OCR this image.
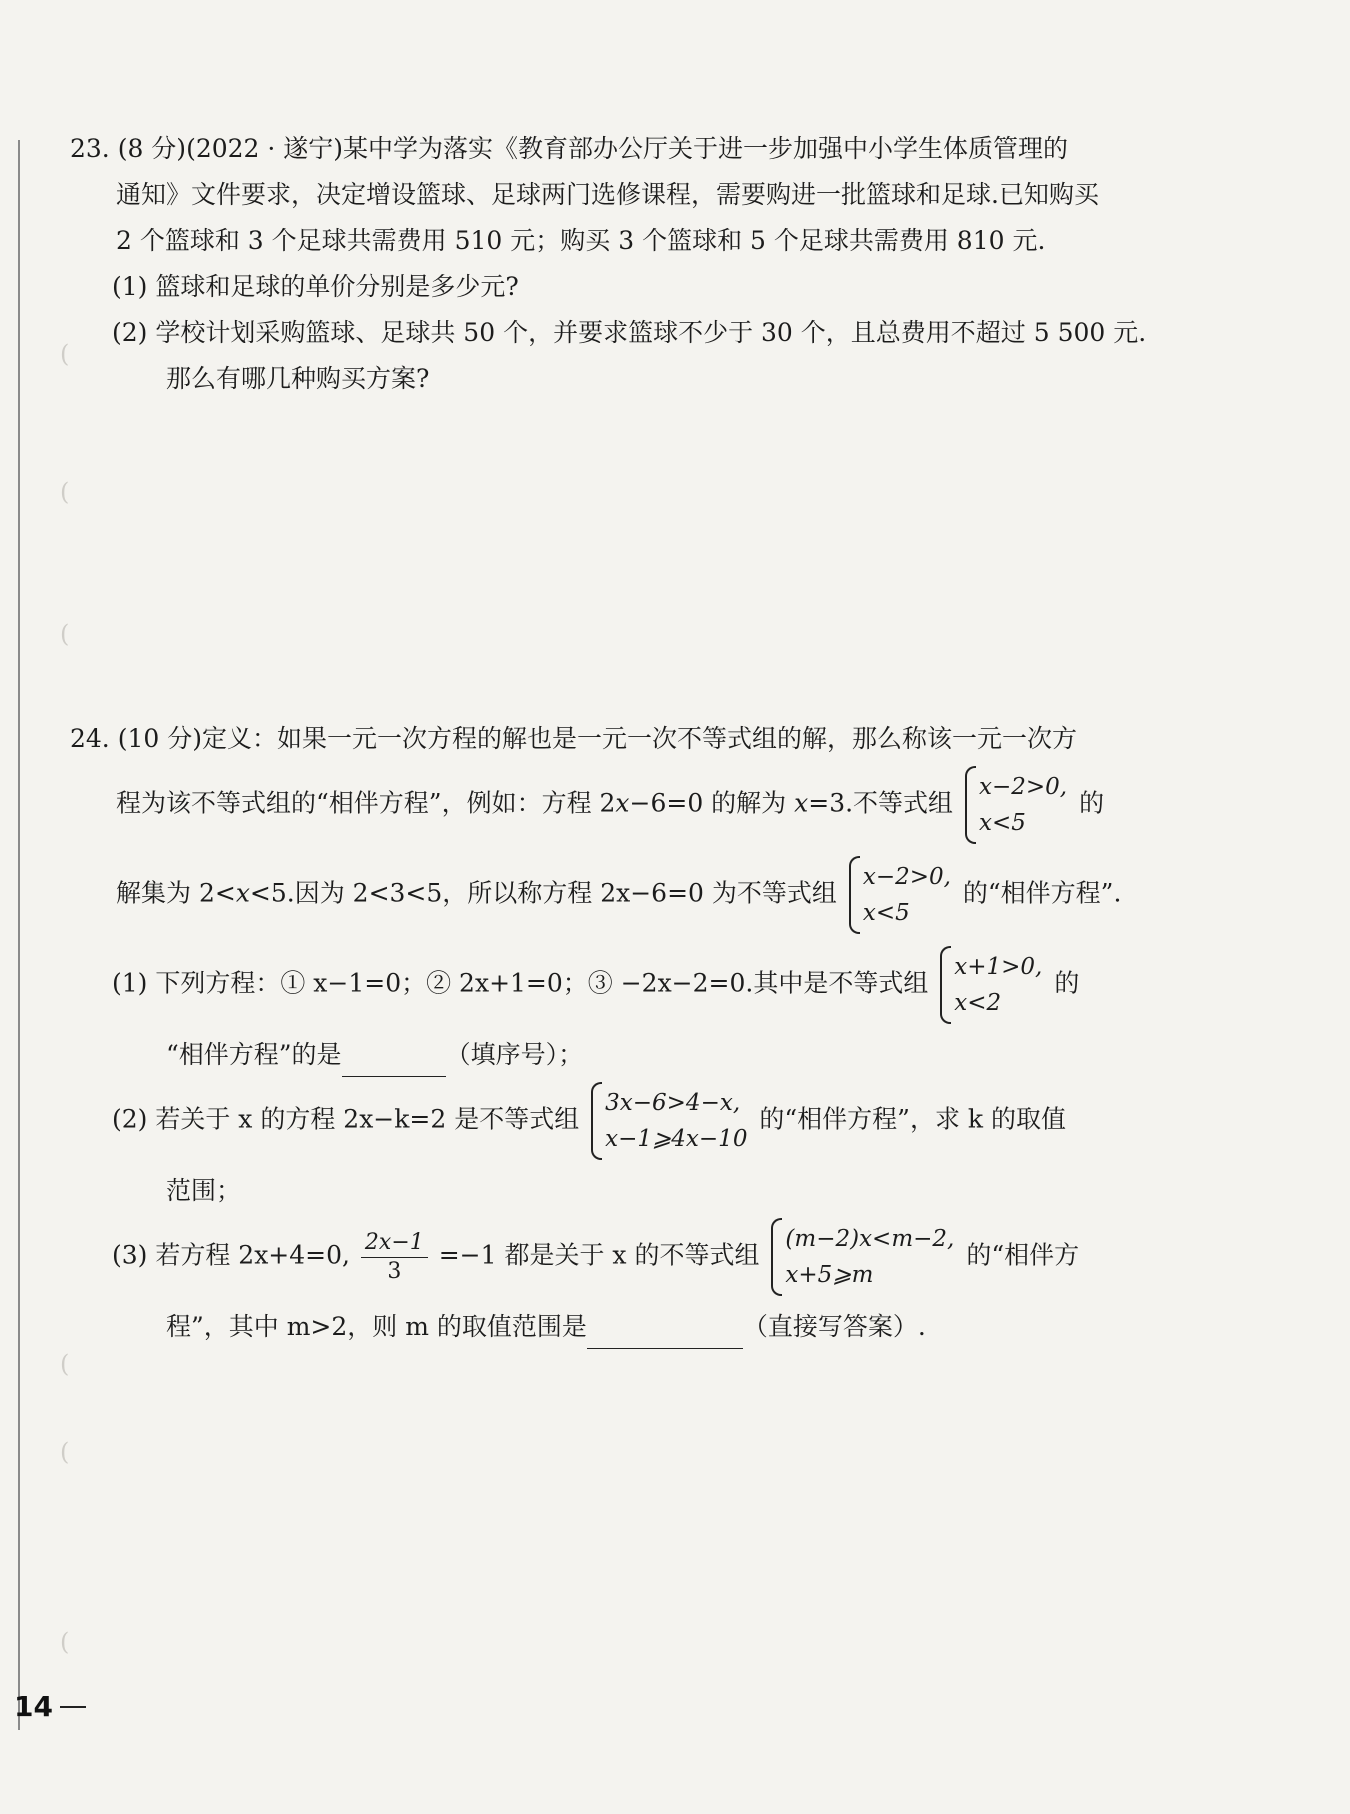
23. (8 分)(2022 · 遂宁)某中学为落实《教育部办公厅关于进一步加强中小学生体质管理的
通知》文件要求，决定增设篮球、足球两门选修课程，需要购进一批篮球和足球.已知购买
2 个篮球和 3 个足球共需费用 510 元；购买 3 个篮球和 5 个足球共需费用 810 元.
(1) 篮球和足球的单价分别是多少元?
(2) 学校计划采购篮球、足球共 50 个，并要求篮球不少于 30 个，且总费用不超过 5 500 元.
那么有哪几种购买方案?
24. (10 分)定义：如果一元一次方程的解也是一元一次不等式组的解，那么称该一元一次方
程为该不等式组的“相伴方程”，例如：方程 2x−6=0 的解为 x=3.不等式组
x−2>0,
x<5
的
解集为 2<x<5.因为 2<3<5，所以称方程 2x−6=0 为不等式组
x−2>0,
x<5
的“相伴方程”.
(1) 下列方程：① x−1=0；② 2x+1=0；③ −2x−2=0.其中是不等式组
x+1>0,
x<2
的
“相伴方程”的是	（填序号）；
(2) 若关于 x 的方程 2x−k=2 是不等式组
3x−6>4−x,
x−1⩾4x−10
的“相伴方程”，求 k 的取值
范围；
(3) 若方程 2x+4=0, $\frac{2x-1}{3} =-1$ 都是关于 x 的不等式组
(m−2)x<m−2,
x+5⩾m
的“相伴方
程”，其中 m>2，则 m 的取值范围是	（直接写答案）.
(
(
(
(
(
(
14
